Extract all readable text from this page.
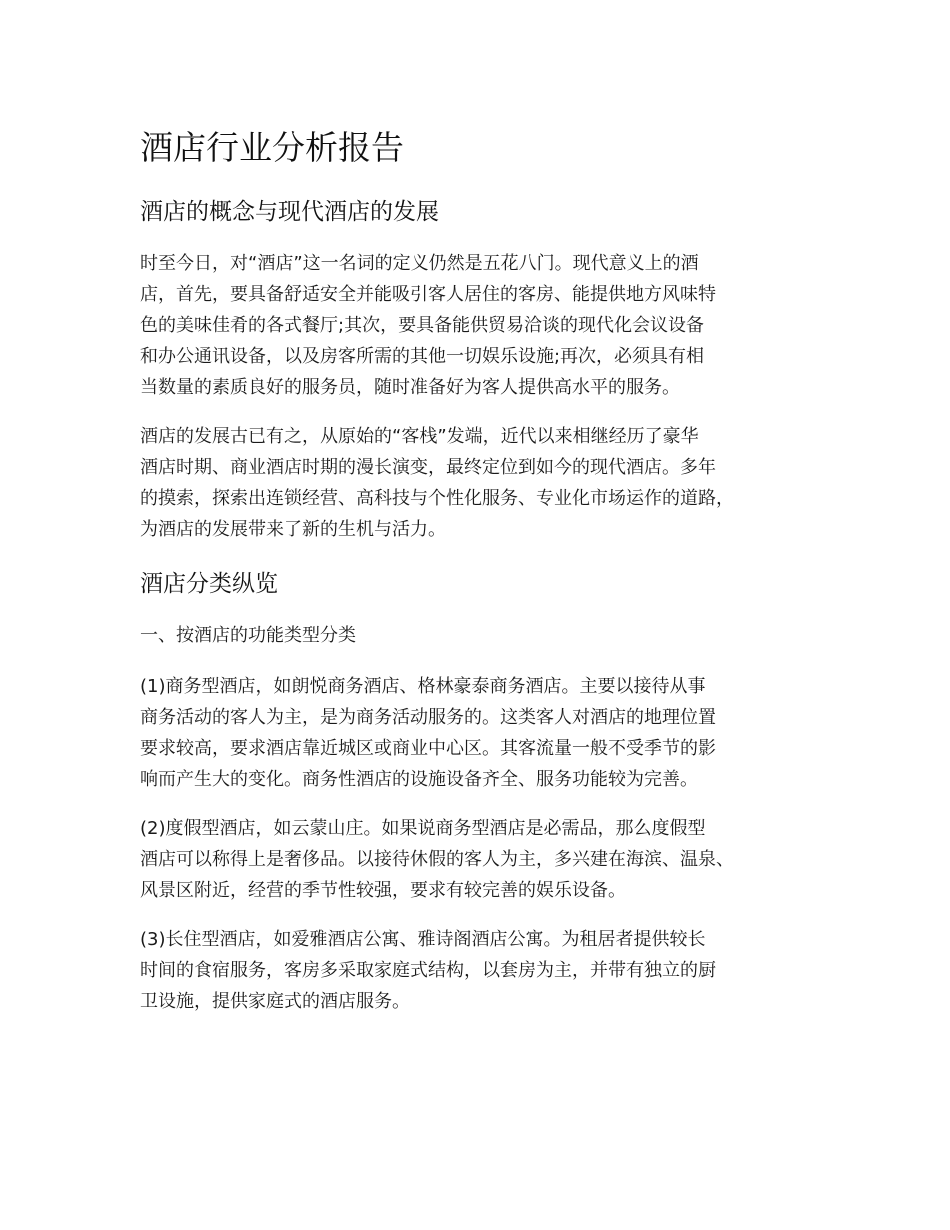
酒店行业分析报告
酒店的概念与现代酒店的发展
时至今日，对“酒店”这一名词的定义仍然是五花八门。现代意义上的酒
店，首先，要具备舒适安全并能吸引客人居住的客房、能提供地方风味特
色的美味佳肴的各式餐厅;其次，要具备能供贸易洽谈的现代化会议设备
和办公通讯设备，以及房客所需的其他一切娱乐设施;再次，必须具有相
当数量的素质良好的服务员，随时准备好为客人提供高水平的服务。
酒店的发展古已有之，从原始的“客栈”发端，近代以来相继经历了豪华
酒店时期、商业酒店时期的漫长演变，最终定位到如今的现代酒店。多年
的摸索，探索出连锁经营、高科技与个性化服务、专业化市场运作的道路，
为酒店的发展带来了新的生机与活力。
酒店分类纵览

一、按酒店的功能类型分类

(1)商务型酒店，如朗悦商务酒店、格林豪泰商务酒店。主要以接待从事
商务活动的客人为主，是为商务活动服务的。这类客人对酒店的地理位置
要求较高，要求酒店靠近城区或商业中心区。其客流量一般不受季节的影
响而产生大的变化。商务性酒店的设施设备齐全、服务功能较为完善。
(2)度假型酒店，如云蒙山庄。如果说商务型酒店是必需品，那么度假型
酒店可以称得上是奢侈品。以接待休假的客人为主，多兴建在海滨、温泉、
风景区附近，经营的季节性较强，要求有较完善的娱乐设备。
(3)长住型酒店，如爱雅酒店公寓、雅诗阁酒店公寓。为租居者提供较长
时间的食宿服务，客房多采取家庭式结构，以套房为主，并带有独立的厨
卫设施，提供家庭式的酒店服务。
